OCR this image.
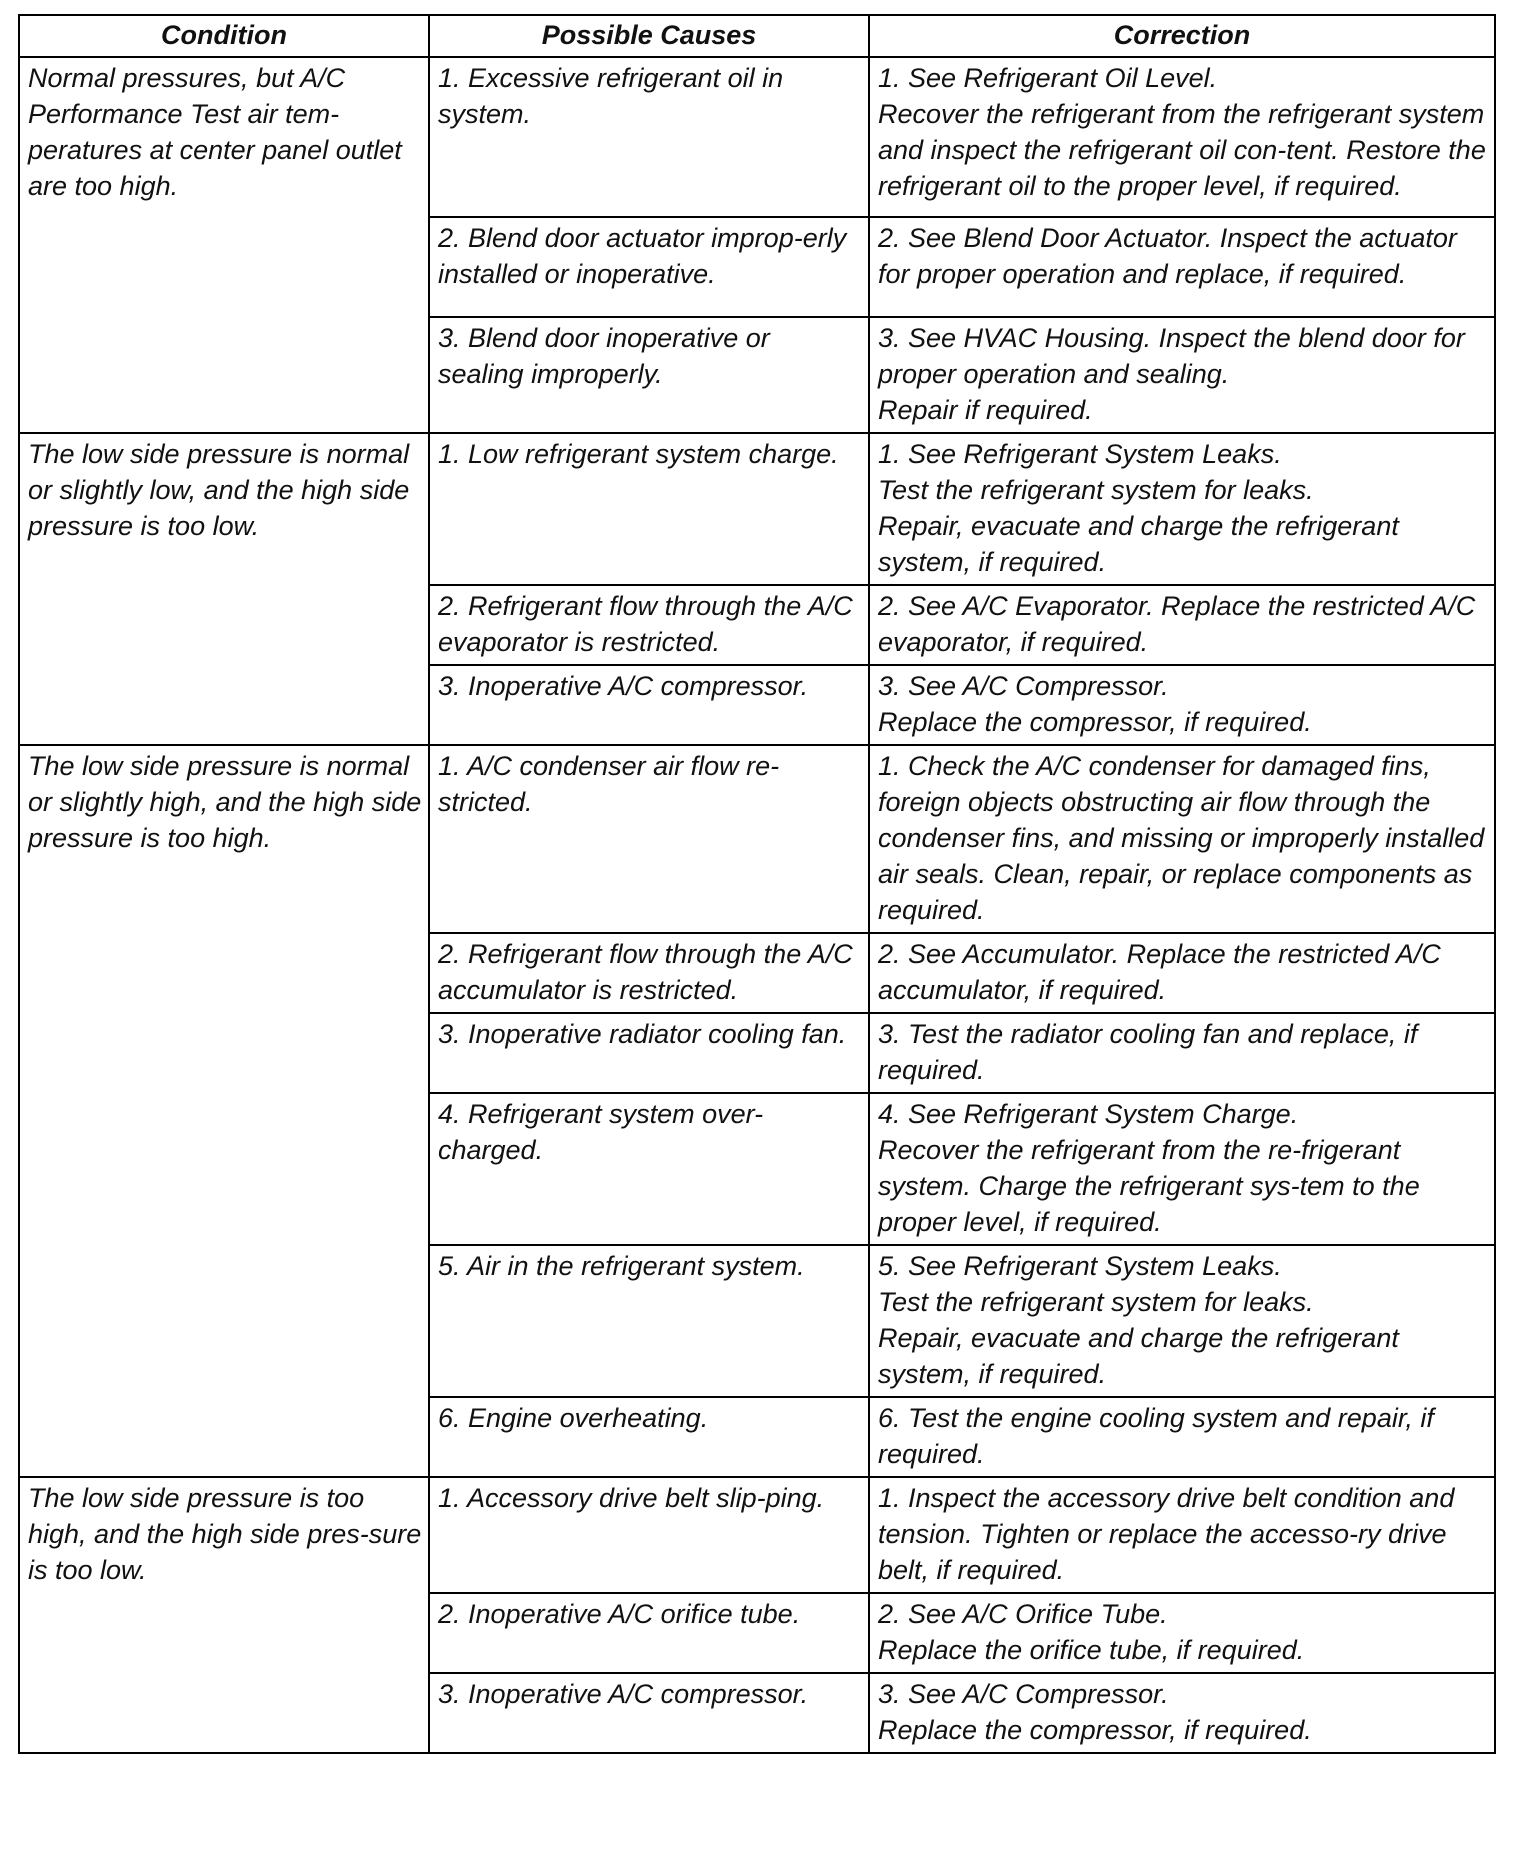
Condition	Possible Causes	Correction

Normal pressures, but A/C Performance Test air tem-peratures at center panel outlet are too high.	1. Excessive refrigerant oil in system.	1. See Refrigerant Oil Level.
Recover the refrigerant from the refrigerant system and inspect the refrigerant oil con-tent. Restore the refrigerant oil to the proper level, if required.

	2. Blend door actuator improp-erly installed or inoperative.	2. See Blend Door Actuator. Inspect the actuator for proper operation and replace, if required.

	3. Blend door inoperative or sealing improperly.	3. See HVAC Housing. Inspect the blend door for proper operation and sealing.
Repair if required.

The low side pressure is normal or slightly low, and the high side pressure is too low.	1. Low refrigerant system charge.	1. See Refrigerant System Leaks.
Test the refrigerant system for leaks.
Repair, evacuate and charge the refrigerant system, if required.

	2. Refrigerant flow through the A/C evaporator is restricted.	2. See A/C Evaporator. Replace the restricted A/C evaporator, if required.

	3. Inoperative A/C compressor.	3. See A/C Compressor.
Replace the compressor, if required.

The low side pressure is normal or slightly high, and the high side pressure is too high.	1. A/C condenser air flow re-stricted.	1. Check the A/C condenser for damaged fins, foreign objects obstructing air flow through the condenser fins, and missing or improperly installed air seals. Clean, repair, or replace components as required.

	2. Refrigerant flow through the A/C accumulator is restricted.	2. See Accumulator. Replace the restricted A/C accumulator, if required.

	3. Inoperative radiator cooling fan.	3. Test the radiator cooling fan and replace, if required.

	4. Refrigerant system over-charged.	4. See Refrigerant System Charge.
Recover the refrigerant from the re-frigerant system. Charge the refrigerant sys-tem to the proper level, if required.

	5. Air in the refrigerant system.	5. See Refrigerant System Leaks.
Test the refrigerant system for leaks.
Repair, evacuate and charge the refrigerant system, if required.

	6. Engine overheating.	6. Test the engine cooling system and repair, if required.

The low side pressure is too high, and the high side pres-sure is too low.	1. Accessory drive belt slip-ping.	1. Inspect the accessory drive belt condition and tension. Tighten or replace the accesso-ry drive belt, if required.

	2. Inoperative A/C orifice tube.	2. See A/C Orifice Tube.
Replace the orifice tube, if required.

	3. Inoperative A/C compressor.	3. See A/C Compressor.
Replace the compressor, if required.
